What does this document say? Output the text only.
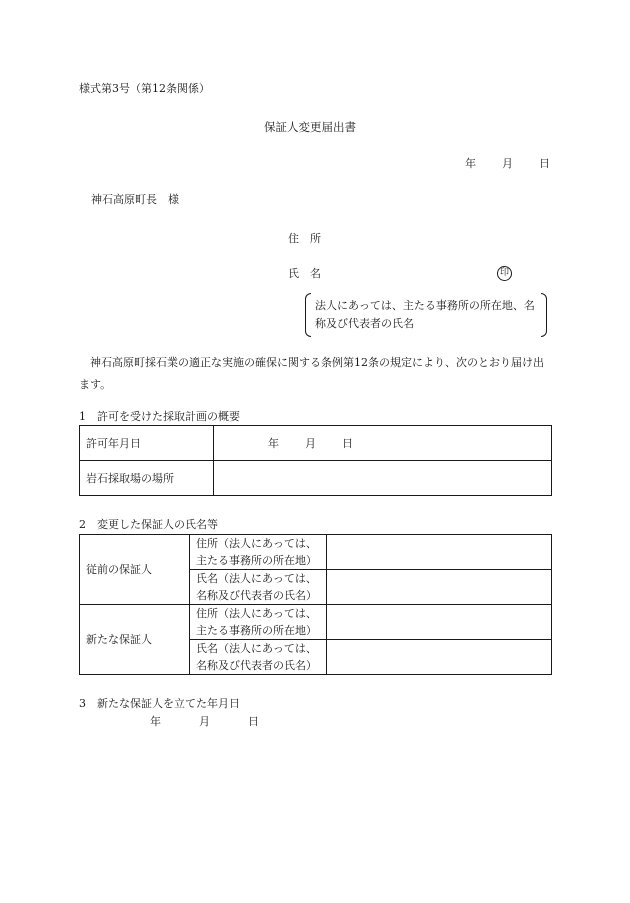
様式第3号（第12条関係）
保証人変更届出書
年 月 日
神石高原町長　様
住　所
氏　名	印
法人にあっては、主たる事務所の所在地、名称及び代表者の氏名
神石高原町採石業の適正な実施の確保に関する条例第12条の規定により、次のとおり届け出ます。
1　許可を受けた採取計画の概要
許可年月日	年 月 日
岩石採取場の場所	
2　変更した保証人の氏名等
従前の保証人	住所（法人にあっては、
主たる事務所の所在地）	
	氏名（法人にあっては、
名称及び代表者の氏名）	
新たな保証人	住所（法人にあっては、
主たる事務所の所在地）	
	氏名（法人にあっては、
名称及び代表者の氏名）	
3　新たな保証人を立てた年月日
年	月	日
